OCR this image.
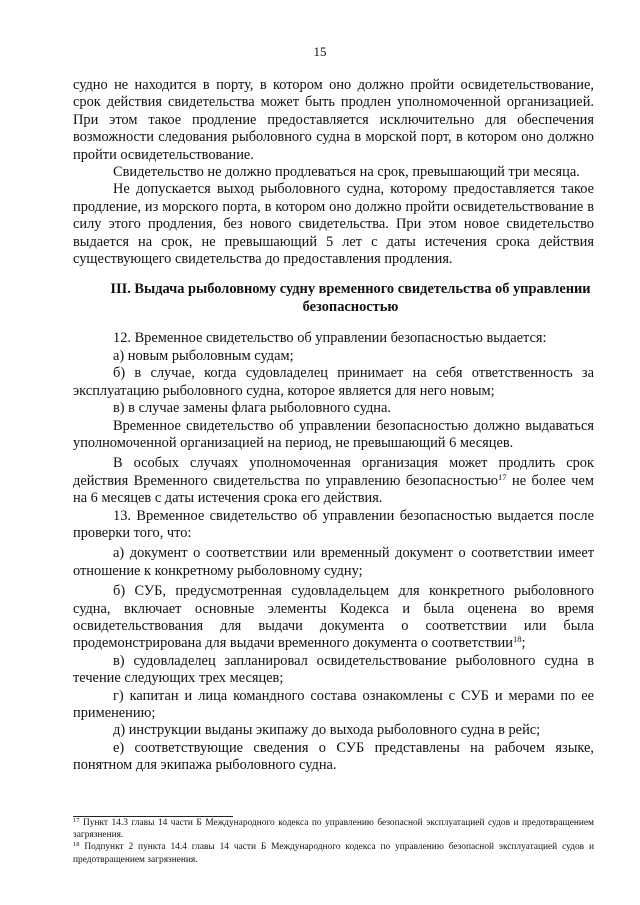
15

судно не находится в порту, в котором оно должно пройти освидетельствование, срок действия свидетельства может быть продлен уполномоченной организацией. При этом такое продление предоставляется исключительно для обеспечения возможности следования рыболовного судна в морской порт, в котором оно должно пройти освидетельствование.

Свидетельство не должно продлеваться на срок, превышающий три месяца.

Не допускается выход рыболовного судна, которому предоставляется такое продление, из морского порта, в котором оно должно пройти освидетельствование в силу этого продления, без нового свидетельства. При этом новое свидетельство выдается на срок, не превышающий 5 лет с даты истечения срока действия существующего свидетельства до предоставления продления.

III. Выдача рыболовному судну временного свидетельства об управлении безопасностью

12. Временное свидетельство об управлении безопасностью выдается:

а) новым рыболовным судам;

б) в случае, когда судовладелец принимает на себя ответственность за эксплуатацию рыболовного судна, которое является для него новым;

в) в случае замены флага рыболовного судна.

Временное свидетельство об управлении безопасностью должно выдаваться уполномоченной организацией на период, не превышающий 6 месяцев.

В особых случаях уполномоченная организация может продлить срок действия Временного свидетельства по управлению безопасностью$^{17}$ не более чем на 6 месяцев с даты истечения срока его действия.

13. Временное свидетельство об управлении безопасностью выдается после проверки того, что:

а) документ о соответствии или временный документ о соответствии имеет отношение к конкретному рыболовному судну;

б) СУБ, предусмотренная судовладельцем для конкретного рыболовного судна, включает основные элементы Кодекса и была оценена во время освидетельствования для выдачи документа о соответствии или была продемонстрирована для выдачи временного документа о соответствии$^{18}$;

в) судовладелец запланировал освидетельствование рыболовного судна в течение следующих трех месяцев;

г) капитан и лица командного состава ознакомлены с СУБ и мерами по ее применению;

д) инструкции выданы экипажу до выхода рыболовного судна в рейс;

е) соответствующие сведения о СУБ представлены на рабочем языке, понятном для экипажа рыболовного судна.

$^{17}$ Пункт 14.3 главы 14 части Б Международного кодекса по управлению безопасной эксплуатацией судов и предотвращением загрязнения.

$^{18}$ Подпункт 2 пункта 14.4 главы 14 части Б Международного кодекса по управлению безопасной эксплуатацией судов и предотвращением загрязнения.
